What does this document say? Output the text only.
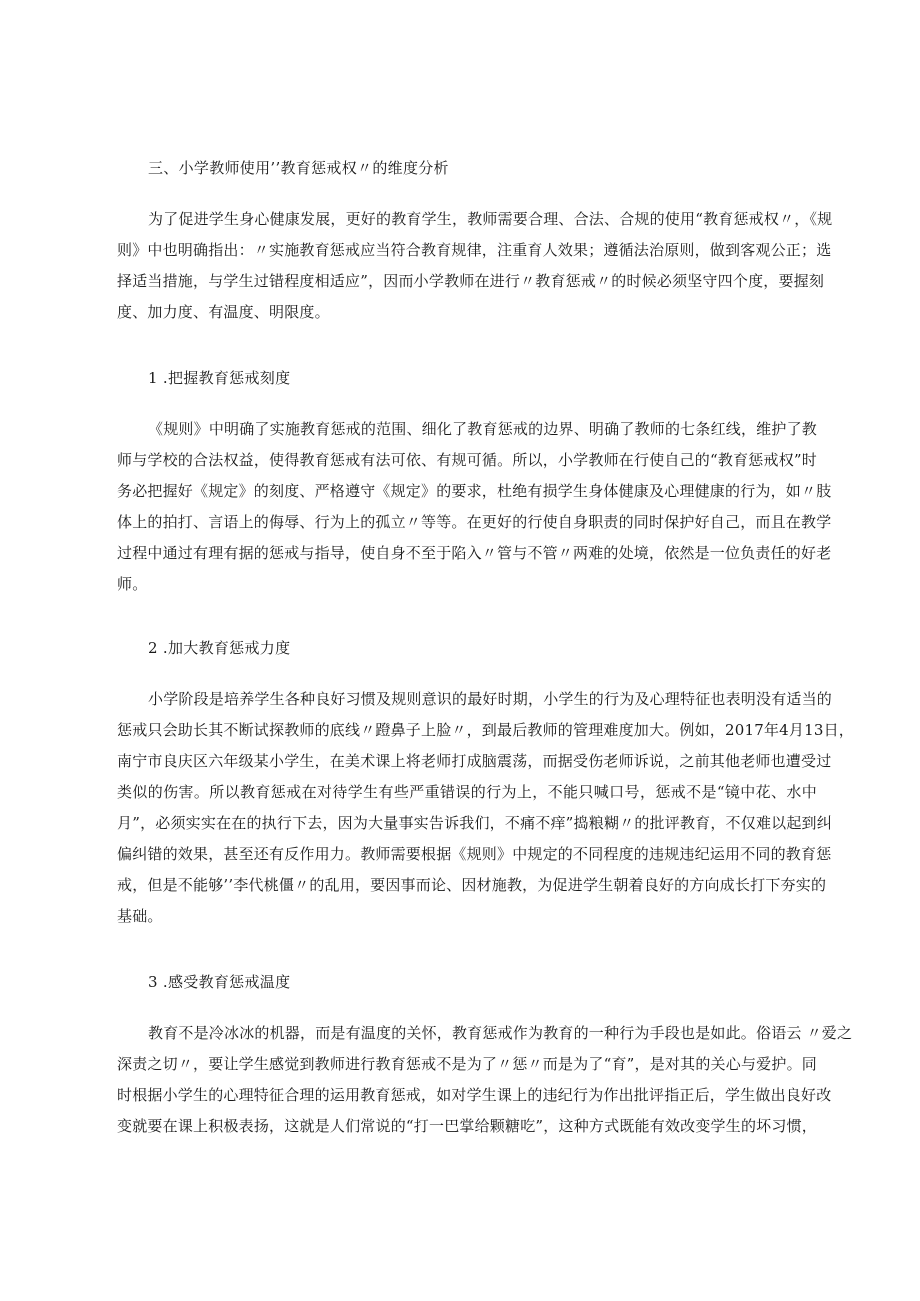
三、小学教师使用’’教育惩戒权〃的维度分析
为了促进学生身心健康发展，更好的教育学生，教师需要合理、合法、合规的使用“教育惩戒权〃，《规
则》中也明确指出：〃实施教育惩戒应当符合教育规律，注重育人效果；遵循法治原则，做到客观公正；选
择适当措施，与学生过错程度相适应”，因而小学教师在进行〃教育惩戒〃的时候必须坚守四个度，要握刻
度、加力度、有温度、明限度。
1 .把握教育惩戒刻度
《规则》中明确了实施教育惩戒的范围、细化了教育惩戒的边界、明确了教师的七条红线，维护了教
师与学校的合法权益，使得教育惩戒有法可依、有规可循。所以，小学教师在行使自己的“教育惩戒权”时
务必把握好《规定》的刻度、严格遵守《规定》的要求，杜绝有损学生身体健康及心理健康的行为，如〃肢
体上的拍打、言语上的侮辱、行为上的孤立〃等等。在更好的行使自身职责的同时保护好自己，而且在教学
过程中通过有理有据的惩戒与指导，使自身不至于陷入〃管与不管〃两难的处境，依然是一位负责任的好老
师。
2 .加大教育惩戒力度
小学阶段是培养学生各种良好习惯及规则意识的最好时期，小学生的行为及心理特征也表明没有适当的
惩戒只会助长其不断试探教师的底线〃蹬鼻子上脸〃，到最后教师的管理难度加大。例如，2017年4月13日，
南宁市良庆区六年级某小学生，在美术课上将老师打成脑震荡，而据受伤老师诉说，之前其他老师也遭受过
类似的伤害。所以教育惩戒在对待学生有些严重错误的行为上，不能只喊口号，惩戒不是“镜中花、水中
月”，必须实实在在的执行下去，因为大量事实告诉我们，不痛不痒”捣粮糊〃的批评教育，不仅难以起到纠
偏纠错的效果，甚至还有反作用力。教师需要根据《规则》中规定的不同程度的违规违纪运用不同的教育惩
戒，但是不能够’’李代桃僵〃的乱用，要因事而论、因材施教，为促进学生朝着良好的方向成长打下夯实的
基础。
3 .感受教育惩戒温度
教育不是冷冰冰的机器，而是有温度的关怀，教育惩戒作为教育的一种行为手段也是如此。俗语云 〃爱之
深责之切〃，要让学生感觉到教师进行教育惩戒不是为了〃惩〃而是为了“育”，是对其的关心与爱护。同
时根据小学生的心理特征合理的运用教育惩戒，如对学生课上的违纪行为作出批评指正后，学生做出良好改
变就要在课上积极表扬，这就是人们常说的“打一巴掌给颗糖吃”，这种方式既能有效改变学生的坏习惯，
